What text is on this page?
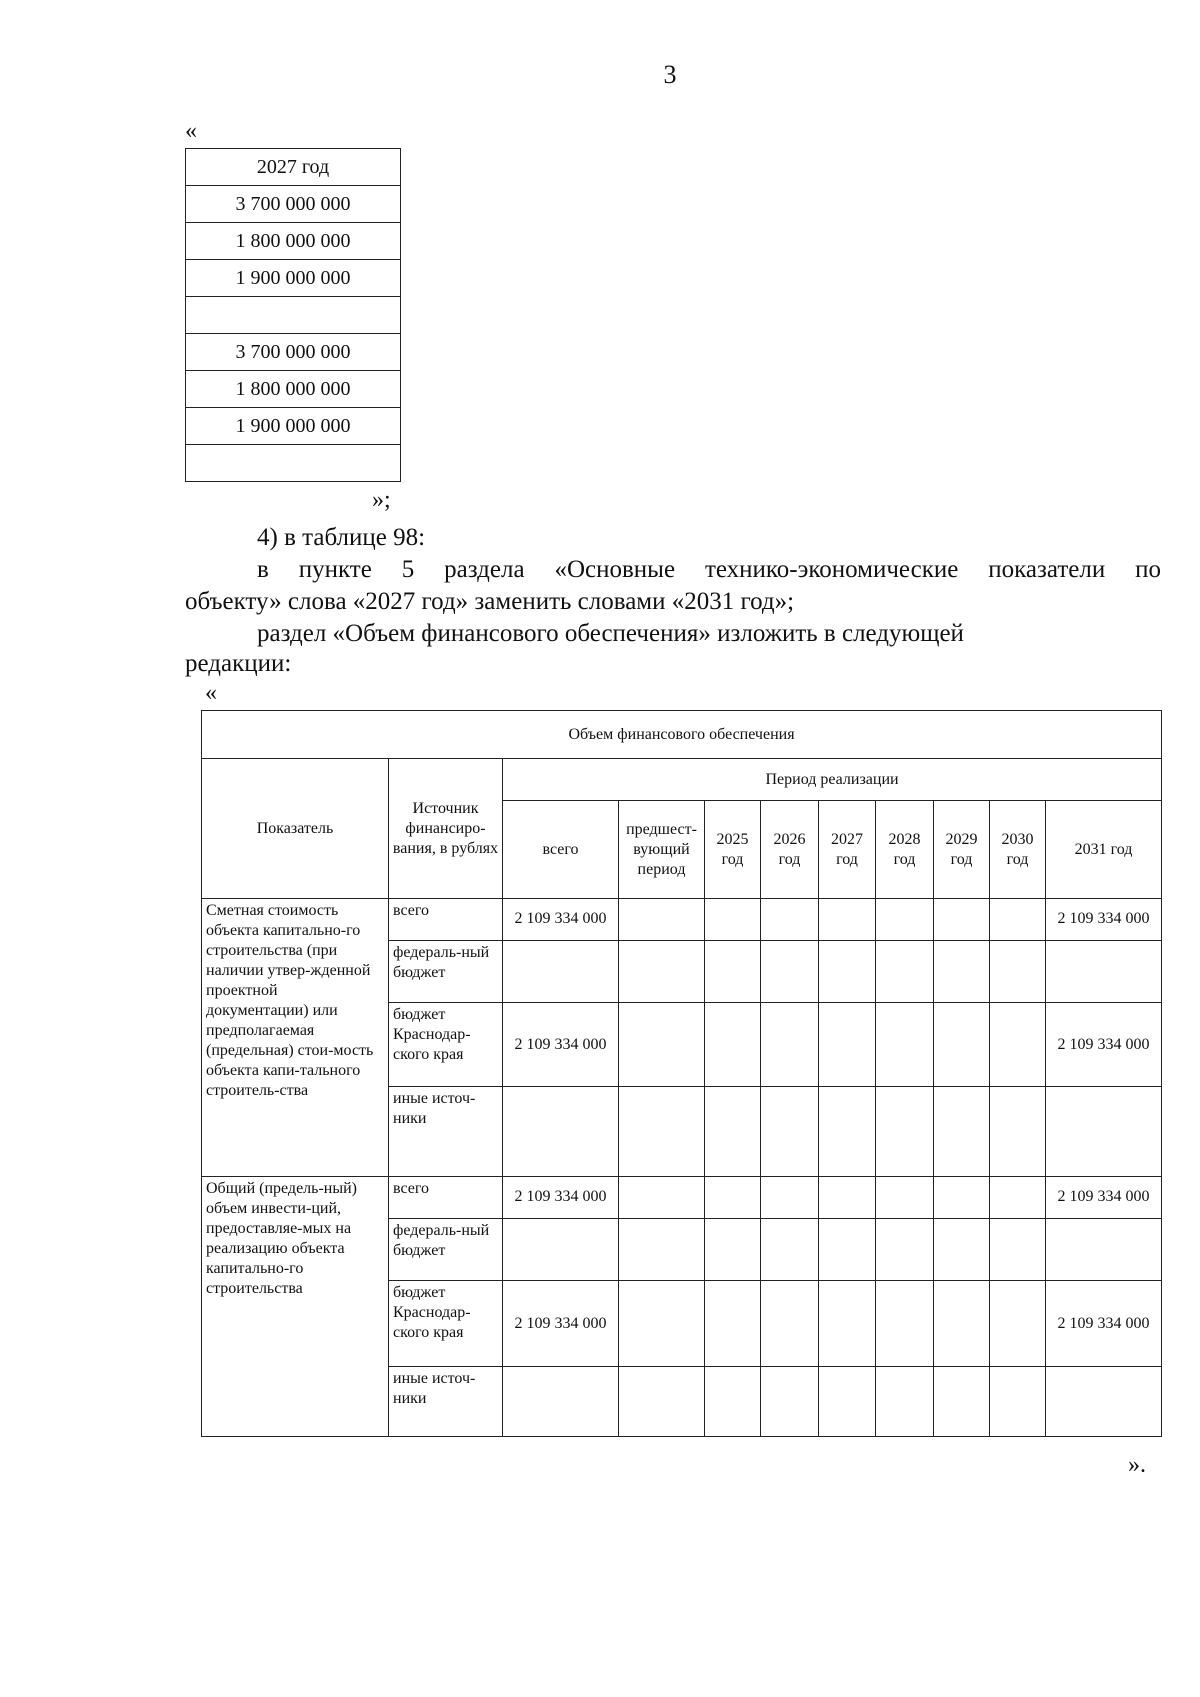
3
«
2027 год
3 700 000 000
1 800 000 000
1 900 000 000

3 700 000 000
1 800 000 000
1 900 000 000

»;
4) в таблице 98:
в пункте 5 раздела «Основные технико-экономические показатели по
объекту» слова «2027 год» заменить словами «2031 год»;
раздел «Объем финансового обеспечения» изложить в следующей
редакции:
«
Объем финансового обеспечения										
Показатель	Источник финансиро-вания, в рублях	Период реализации								
		всего	предшест-вующий период	2025 год	2026 год	2027 год	2028 год	2029 год	2030 год	2031 год
Сметная стоимость объекта капитально-го строительства (при наличии утвер-жденной проектной документации) или предполагаемая (предельная) стои-мость объекта капи-тального строитель-ства	всего	2 109 334 000								2 109 334 000
	федераль-ный бюджет									
	бюджет Краснодар-ского края	2 109 334 000								2 109 334 000
	иные источ-ники									
Общий (предель-ный) объем инвести-ций, предоставляе-мых на реализацию объекта капитально-го строительства	всего	2 109 334 000								2 109 334 000
	федераль-ный бюджет									
	бюджет Краснодар-ского края	2 109 334 000								2 109 334 000
	иные источ-ники									
».
